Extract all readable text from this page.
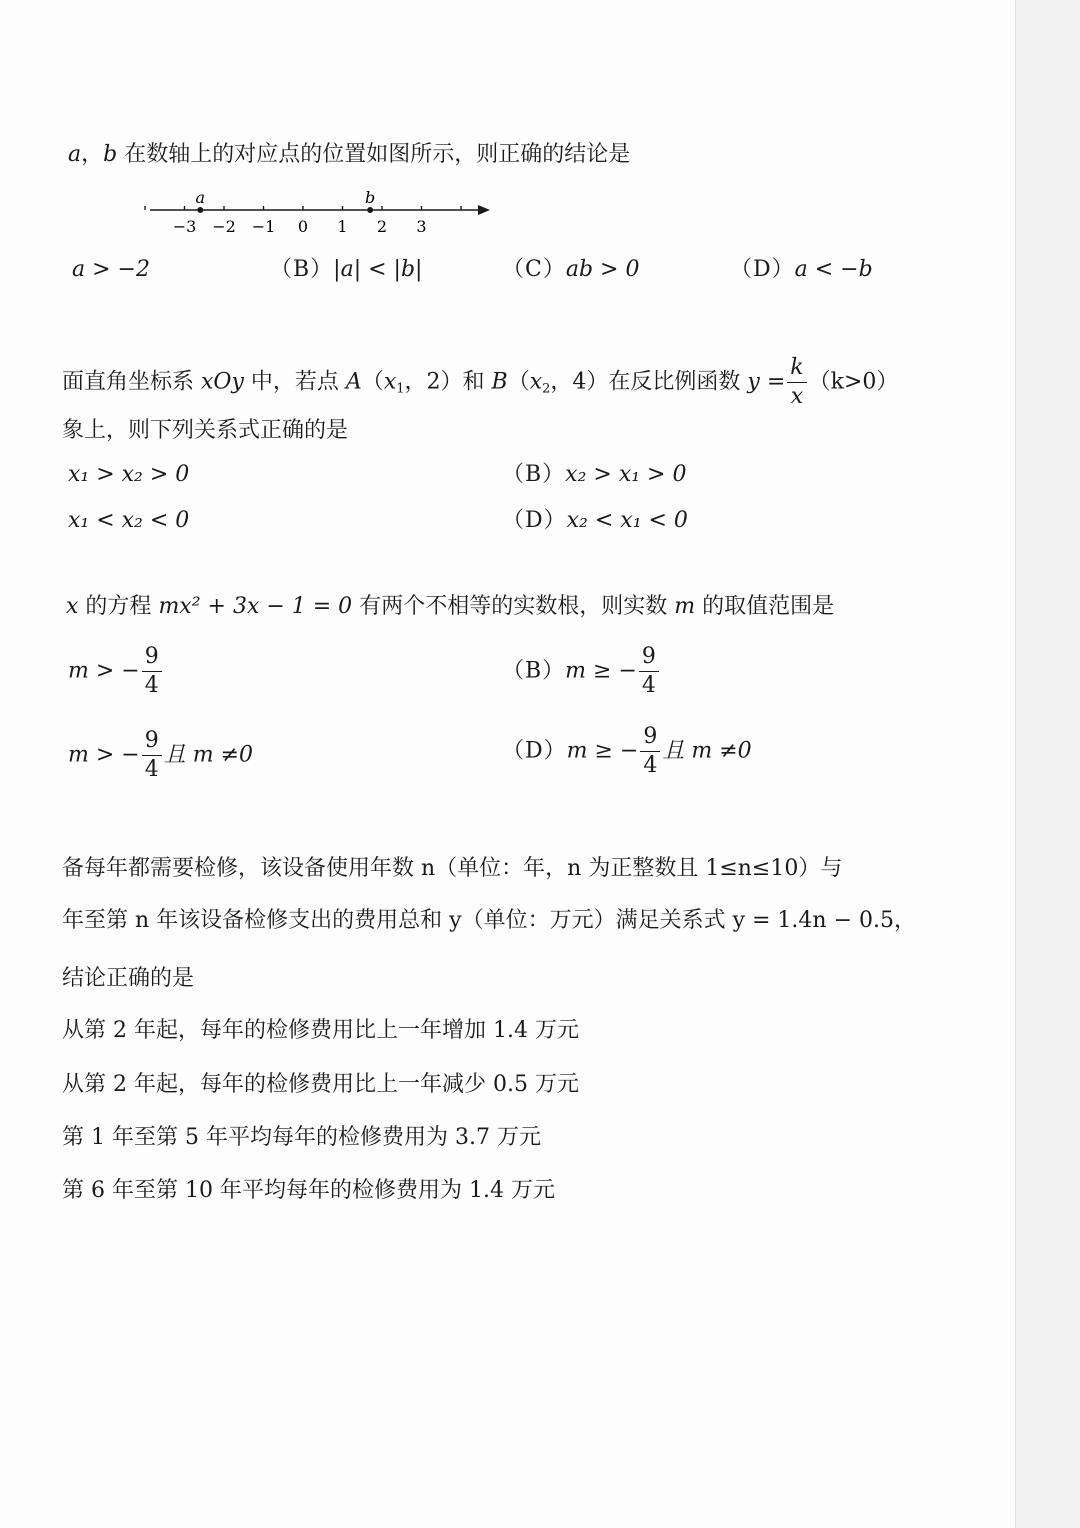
a，b 在数轴上的对应点的位置如图所示，则正确的结论是
−3 −2 −1 0 1 2 3
a	b
a > −2	（B）|a| < |b|	（C）ab > 0	（D）a < −b
面直角坐标系 xOy 中，若点 $A(x_1$，2）和 $B(x_2$，4）在反比例函数 $y = \frac{k}{x} (k>0)$
象上，则下列关系式正确的是
x₁ > x₂ > 0	（B）x₂ > x₁ > 0
x₁ < x₂ < 0	（D）x₂ < x₁ < 0
x 的方程 mx² + 3x − 1 = 0 有两个不相等的实数根，则实数 m 的取值范围是
m > − $\frac{9}{4}$	（B）m ≥ − $\frac{9}{4}$
m > − $\frac{9}{4}$ 且 m ≠0	（D）m ≥ − $\frac{9}{4}$ 且 m ≠0
备每年都需要检修，该设备使用年数 n（单位：年，n 为正整数且 1≤n≤10）与
年至第 n 年该设备检修支出的费用总和 y（单位：万元）满足关系式 y = 1.4n − 0.5，
结论正确的是
从第 2 年起，每年的检修费用比上一年增加 1.4 万元
从第 2 年起，每年的检修费用比上一年减少 0.5 万元
第 1 年至第 5 年平均每年的检修费用为 3.7 万元
第 6 年至第 10 年平均每年的检修费用为 1.4 万元
